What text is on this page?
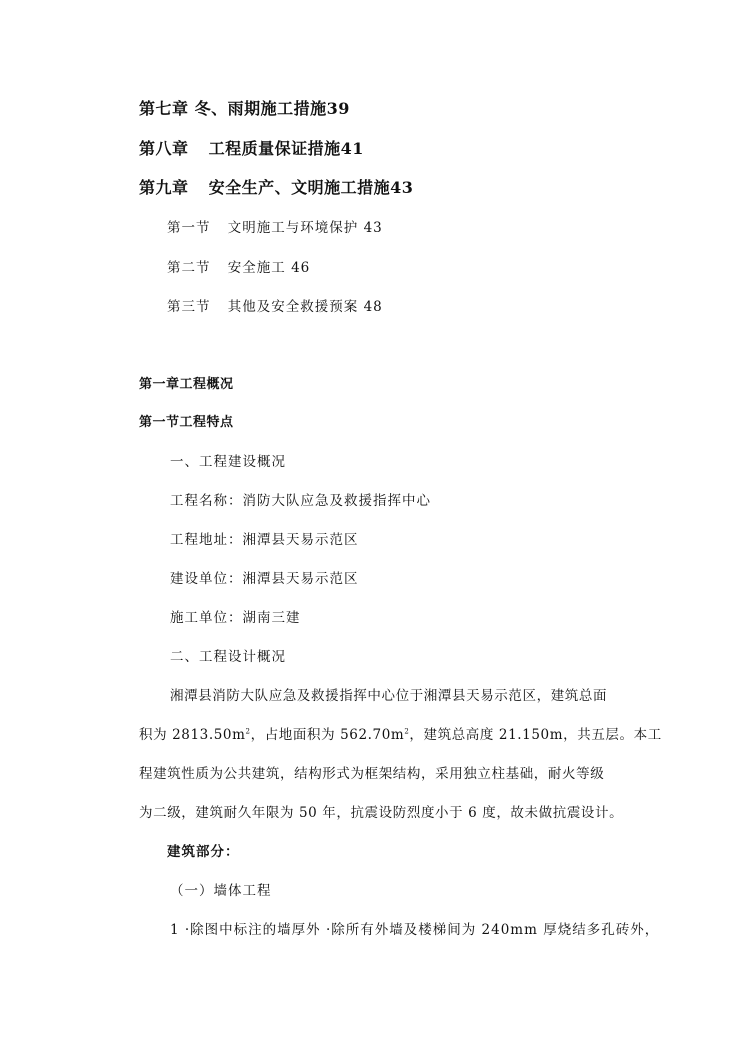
第七章 冬、雨期施工措施39
第八章 工程质量保证措施41
第九章 安全生产、文明施工措施43
第一节 文明施工与环境保护 43
第二节 安全施工 46
第三节 其他及安全救援预案 48
第一章工程概况
第一节工程特点
一、工程建设概况
工程名称：消防大队应急及救援指挥中心
工程地址：湘潭县天易示范区
建设单位：湘潭县天易示范区
施工单位：湖南三建
二、工程设计概况
湘潭县消防大队应急及救援指挥中心位于湘潭县天易示范区，建筑总面
积为 $2813.50m^2$，占地面积为 $562.70m^2$，建筑总高度 21.150m，共五层。本工
程建筑性质为公共建筑，结构形式为框架结构，采用独立柱基础，耐火等级
为二级，建筑耐久年限为 50 年，抗震设防烈度小于 6 度，故未做抗震设计。
建筑部分：
（一）墙体工程
1 ·除图中标注的墙厚外 ·除所有外墙及楼梯间为 240mm 厚烧结多孔砖外，
